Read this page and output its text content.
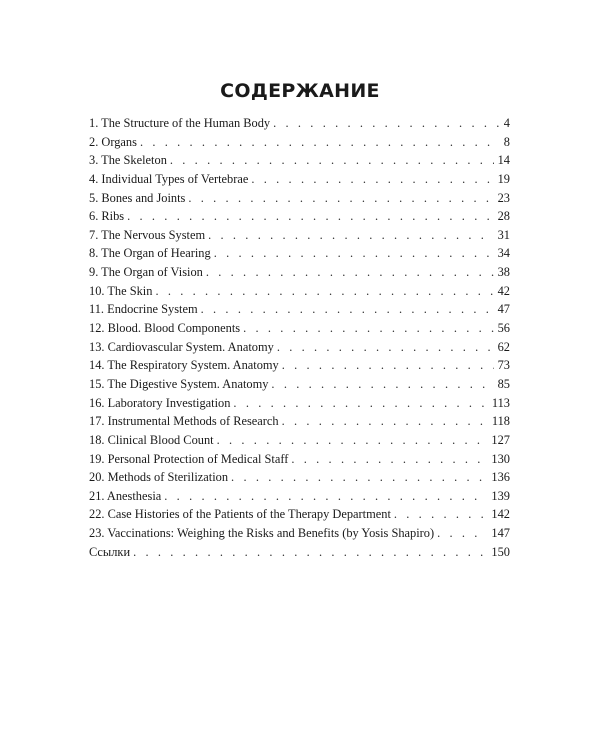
СОДЕРЖАНИЕ
1. The Structure of the Human Body . . .	4
2. Organs . . .	8
3. The Skeleton . . .	14
4. Individual Types of Vertebrae . . .	19
5. Bones and Joints . . .	23
6. Ribs . . .	28
7. The Nervous System . . .	31
8. The Organ of Hearing . . .	34
9. The Organ of Vision . . .	38
10. The Skin . . .	42
11. Endocrine System . . .	47
12. Blood. Blood Components . . .	56
13. Cardiovascular System. Anatomy . . .	62
14. The Respiratory System. Anatomy . . .	73
15. The Digestive System. Anatomy . . .	85
16. Laboratory Investigation . . .	113
17. Instrumental Methods of Research . . .	118
18. Clinical Blood Count . . .	127
19. Personal Protection of Medical Staff . . .	130
20. Methods of Sterilization . . .	136
21. Anesthesia . . .	139
22. Case Histories of the Patients of the Therapy Department . . .	142
23. Vaccinations: Weighing the Risks and Benefits (by Yosis Shapiro) . . .	147
Ссылки . . .	150
